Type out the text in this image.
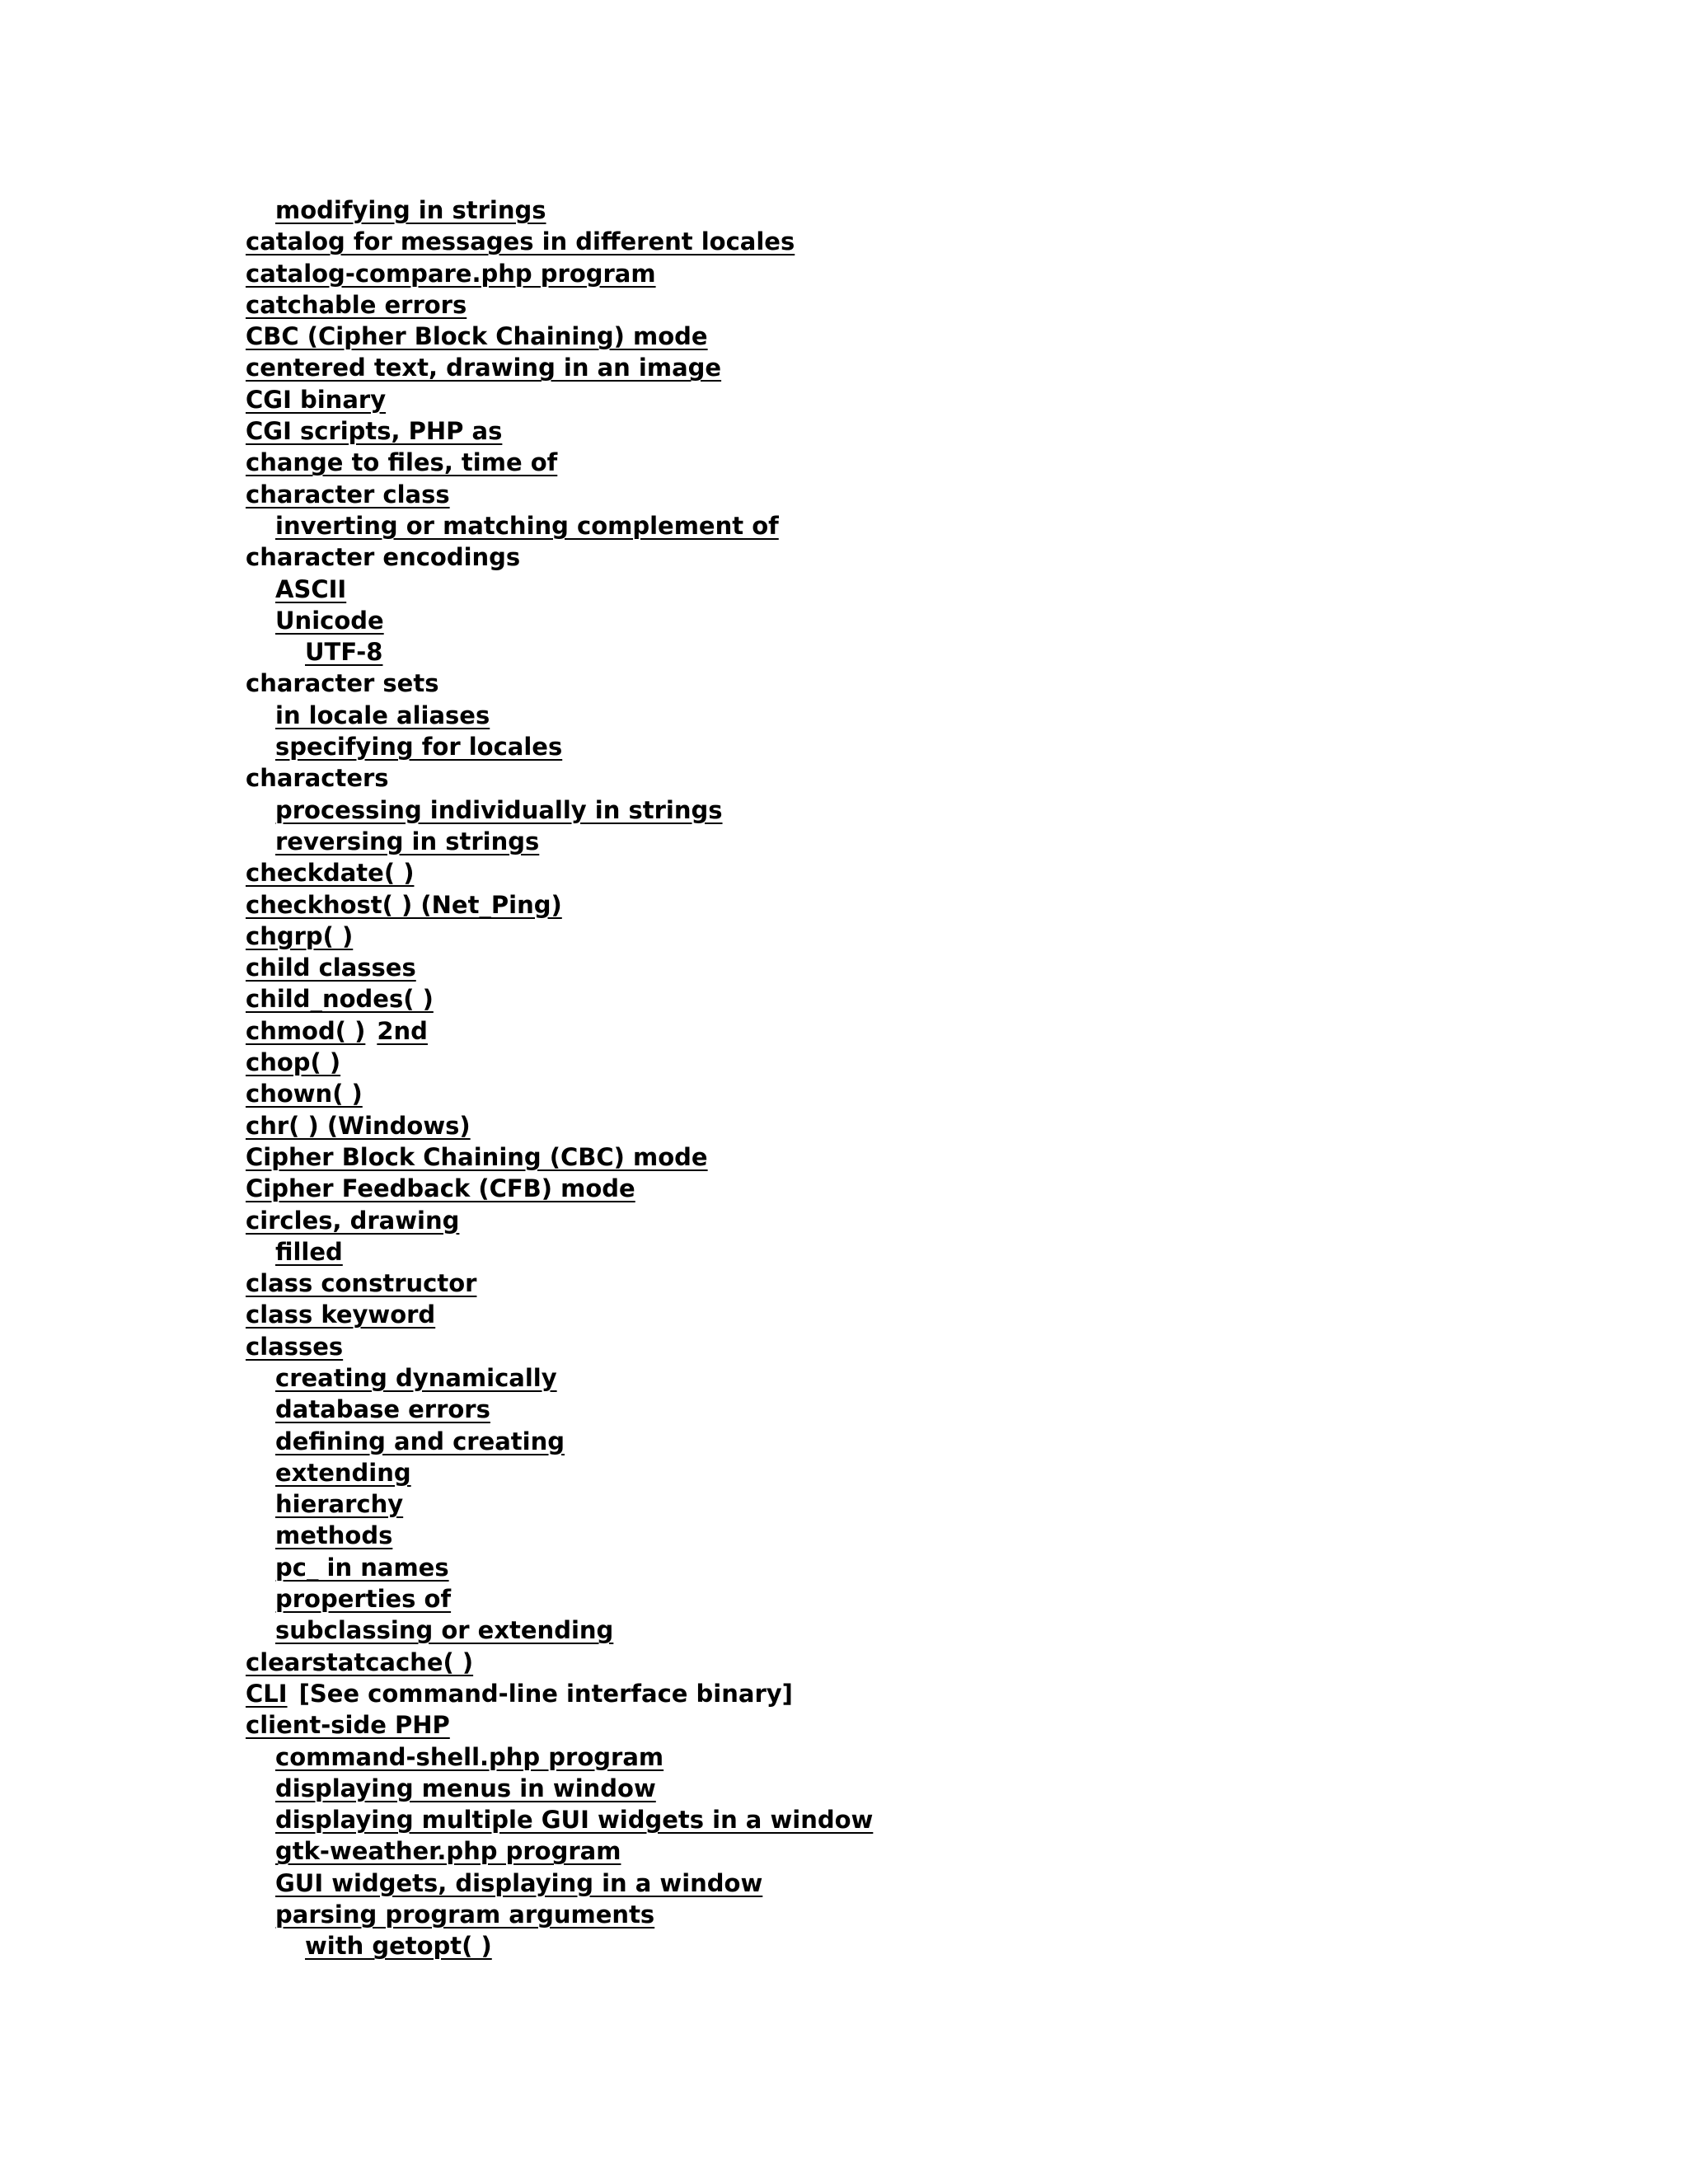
modifying in strings
catalog for messages in different locales
catalog-compare.php program
catchable errors
CBC (Cipher Block Chaining) mode
centered text, drawing in an image
CGI binary
CGI scripts, PHP as
change to files, time of
character class
inverting or matching complement of
character encodings
ASCII
Unicode
UTF-8
character sets
in locale aliases
specifying for locales
characters
processing individually in strings
reversing in strings
checkdate( )
checkhost( ) (Net_Ping)
chgrp( )
child classes
child_nodes( )
chmod( ) 2nd
chop( )
chown( )
chr( ) (Windows)
Cipher Block Chaining (CBC) mode
Cipher Feedback (CFB) mode
circles, drawing
filled
class constructor
class keyword
classes
creating dynamically
database errors
defining and creating
extending
hierarchy
methods
pc_ in names
properties of
subclassing or extending
clearstatcache( )
CLI [See command-line interface binary]
client-side PHP
command-shell.php program
displaying menus in window
displaying multiple GUI widgets in a window
gtk-weather.php program
GUI widgets, displaying in a window
parsing program arguments
with getopt( )
